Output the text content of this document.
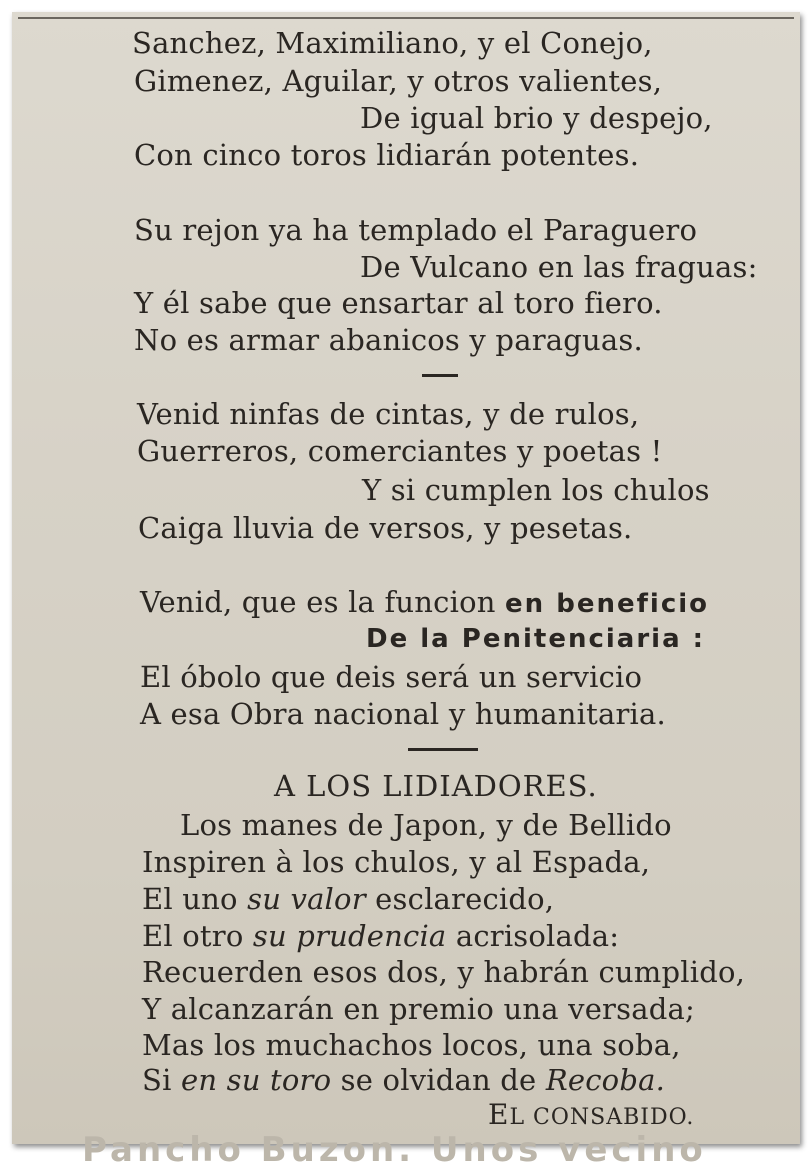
Sanchez, Maximiliano, y el Conejo,
Gimenez, Aguilar, y otros valientes,
De igual brio y despejo,
Con cinco toros lidiarán potentes.
Su rejon ya ha templado el Paraguero
De Vulcano en las fraguas:
Y él sabe que ensartar al toro fiero.
No es armar abanicos y paraguas.
Venid ninfas de cintas, y de rulos,
Guerreros, comerciantes y poetas !
Y si cumplen los chulos
Caiga lluvia de versos, y pesetas.
Venid, que es la funcion en beneficio
De la Penitenciaria :
El óbolo que deis será un servicio
A esa Obra nacional y humanitaria.
A LOS LIDIADORES.
Los manes de Japon, y de Bellido
Inspiren à los chulos, y al Espada,
El uno su valor esclarecido,
El otro su prudencia acrisolada:
Recuerden esos dos, y habrán cumplido,
Y alcanzarán en premio una versada;
Mas los muchachos locos, una soba,
Si en su toro se olvidan de Recoba.
EL CONSABIDO.
Pancho Buzon. Unos vecino
